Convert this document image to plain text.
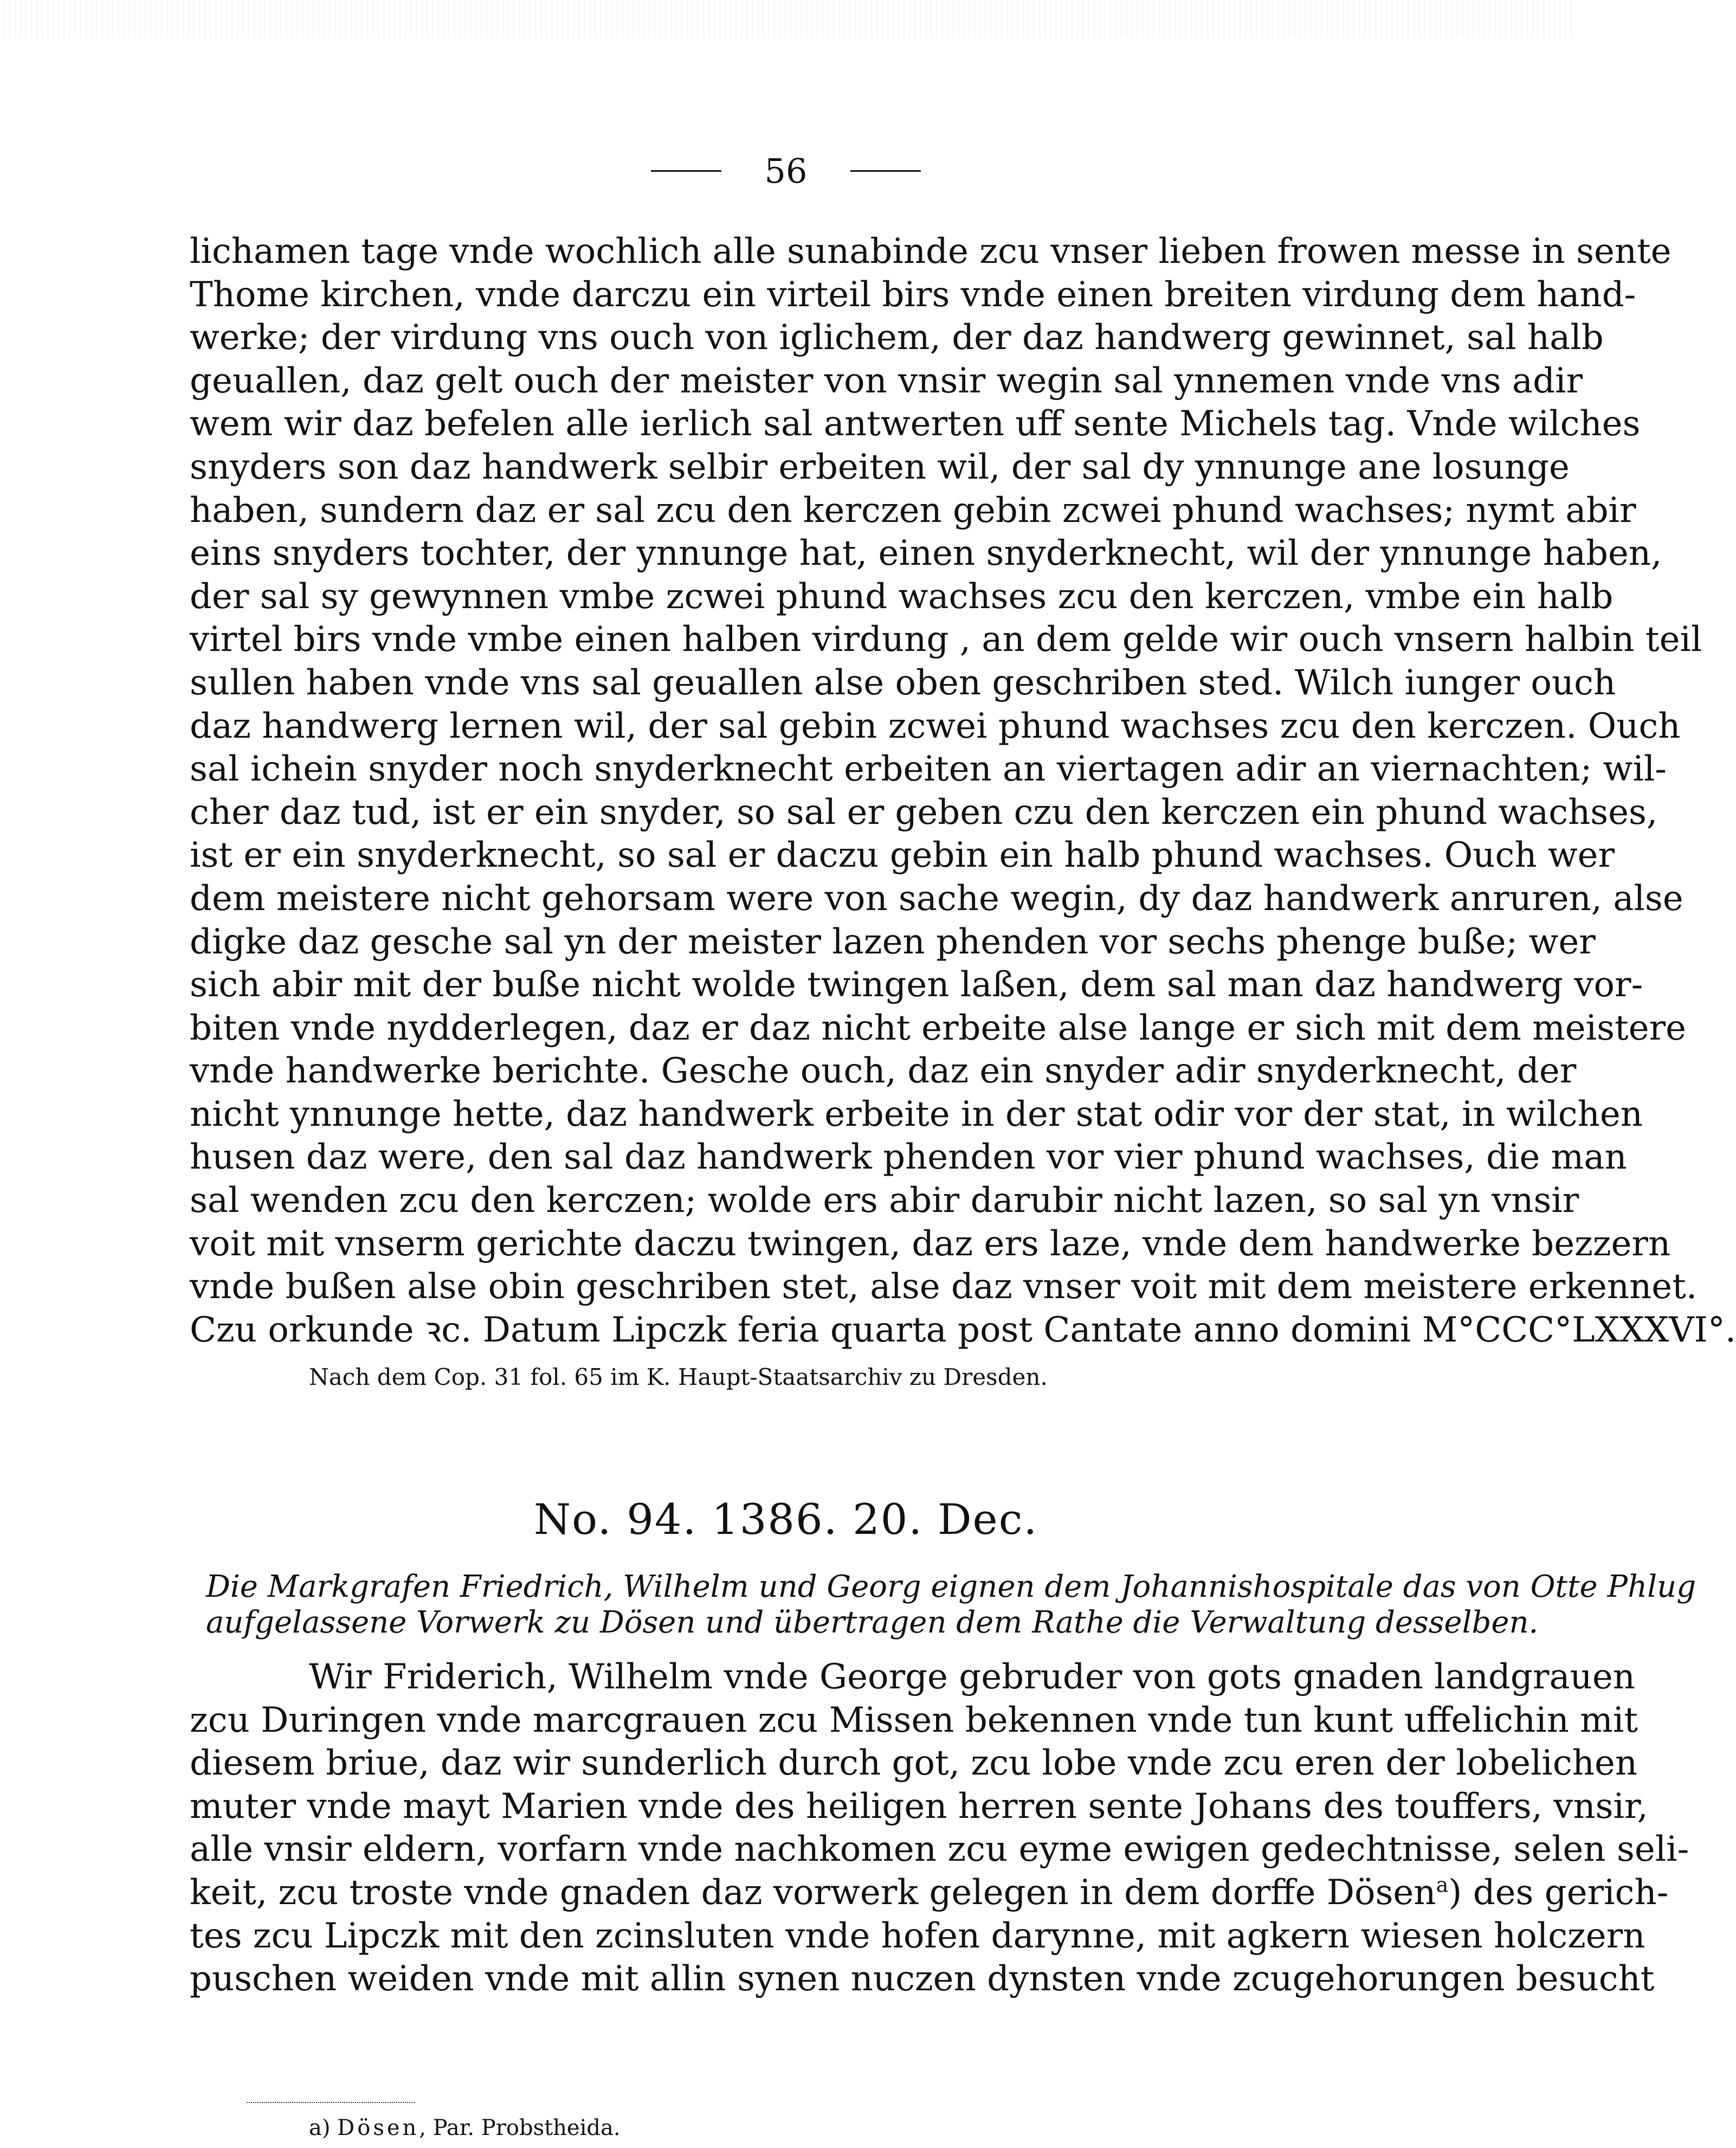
56
lichamen tage vnde wochlich alle sunabinde zcu vnser lieben frowen messe in sente
Thome kirchen, vnde darczu ein virteil birs vnde einen breiten virdung dem hand-
werke; der virdung vns ouch von iglichem, der daz handwerg gewinnet, sal halb
geuallen, daz gelt ouch der meister von vnsir wegin sal ynnemen vnde vns adir
wem wir daz befelen alle ierlich sal antwerten uff sente Michels tag. Vnde wilches
snyders son daz handwerk selbir erbeiten wil, der sal dy ynnunge ane losunge
haben, sundern daz er sal zcu den kerczen gebin zcwei phund wachses; nymt abir
eins snyders tochter, der ynnunge hat, einen snyderknecht, wil der ynnunge haben,
der sal sy gewynnen vmbe zcwei phund wachses zcu den kerczen, vmbe ein halb
virtel birs vnde vmbe einen halben virdung , an dem gelde wir ouch vnsern halbin teil
sullen haben vnde vns sal geuallen alse oben geschriben sted. Wilch iunger ouch
daz handwerg lernen wil, der sal gebin zcwei phund wachses zcu den kerczen. Ouch
sal ichein snyder noch snyderknecht erbeiten an viertagen adir an viernachten; wil-
cher daz tud, ist er ein snyder, so sal er geben czu den kerczen ein phund wachses,
ist er ein snyderknecht, so sal er daczu gebin ein halb phund wachses. Ouch wer
dem meistere nicht gehorsam were von sache wegin, dy daz handwerk anruren, alse
digke daz gesche sal yn der meister lazen phenden vor sechs phenge buße; wer
sich abir mit der buße nicht wolde twingen laßen, dem sal man daz handwerg vor-
biten vnde nydderlegen, daz er daz nicht erbeite alse lange er sich mit dem meistere
vnde handwerke berichte. Gesche ouch, daz ein snyder adir snyderknecht, der
nicht ynnunge hette, daz handwerk erbeite in der stat odir vor der stat, in wilchen
husen daz were, den sal daz handwerk phenden vor vier phund wachses, die man
sal wenden zcu den kerczen; wolde ers abir darubir nicht lazen, so sal yn vnsir
voit mit vnserm gerichte daczu twingen, daz ers laze, vnde dem handwerke bezzern
vnde bußen alse obin geschriben stet, alse daz vnser voit mit dem meistere erkennet.
Czu orkunde ꝛc. Datum Lipczk feria quarta post Cantate anno domini M°CCC°LXXXVI°.
Nach dem Cop. 31 fol. 65 im K. Haupt-Staatsarchiv zu Dresden.
No. 94. 1386. 20. Dec.
Die Markgrafen Friedrich, Wilhelm und Georg eignen dem Johannishospitale das von Otte Phlug
aufgelassene Vorwerk zu Dösen und übertragen dem Rathe die Verwaltung desselben.
Wir Friderich, Wilhelm vnde George gebruder von gots gnaden landgrauen
zcu Duringen vnde marcgrauen zcu Missen bekennen vnde tun kunt uffelichin mit
diesem briue, daz wir sunderlich durch got, zcu lobe vnde zcu eren der lobelichen
muter vnde mayt Marien vnde des heiligen herren sente Johans des touffers, vnsir,
alle vnsir eldern, vorfarn vnde nachkomen zcu eyme ewigen gedechtnisse, selen seli-
keit, zcu troste vnde gnaden daz vorwerk gelegen in dem dorffe Dösen$^a$) des gerich-
tes zcu Lipczk mit den zcinsluten vnde hofen darynne, mit agkern wiesen holczern
puschen weiden vnde mit allin synen nuczen dynsten vnde zcugehorungen besucht
a) Dösen, Par. Probstheida.
